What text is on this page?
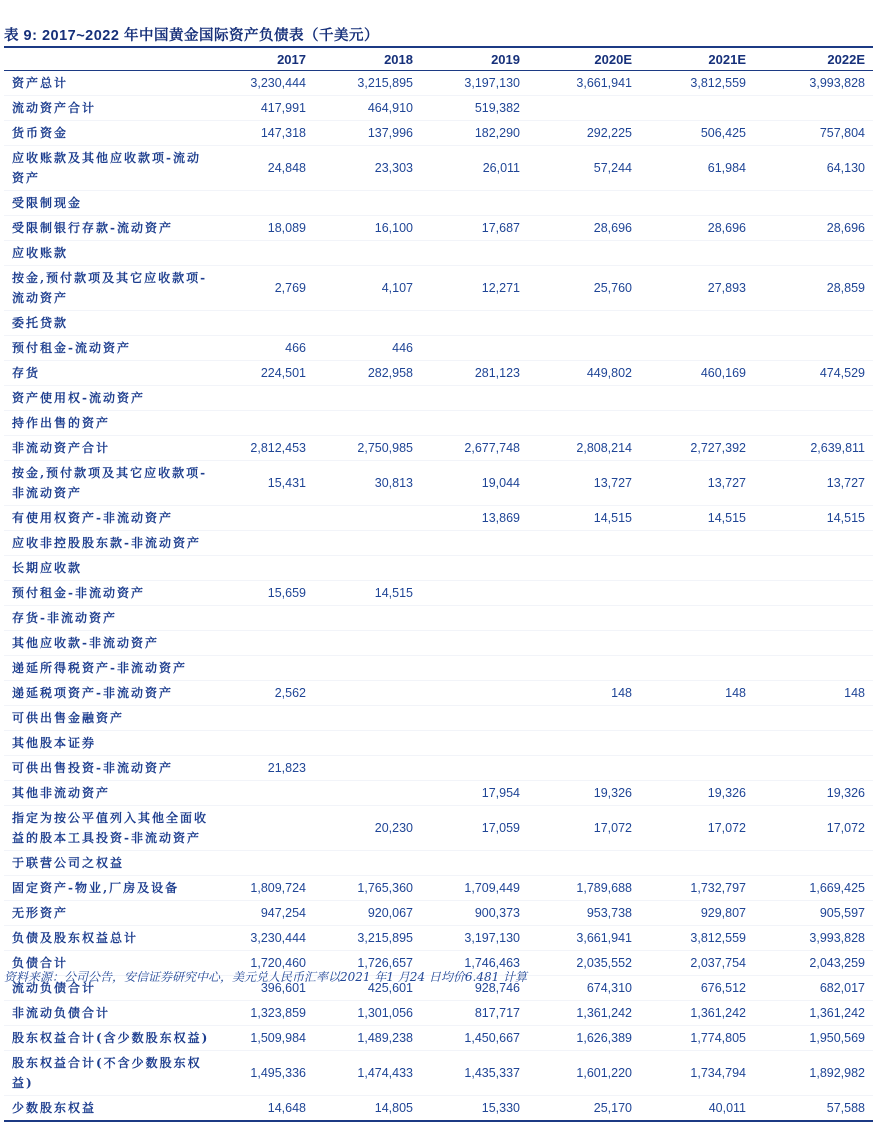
表 9: 2017~2022 年中国黄金国际资产负债表（千美元）
	2017	2018	2019	2020E	2021E	2022E
资产总计	3,230,444	3,215,895	3,197,130	3,661,941	3,812,559	3,993,828
流动资产合计	417,991	464,910	519,382			
货币资金	147,318	137,996	182,290	292,225	506,425	757,804
应收账款及其他应收款项-流动资产	24,848	23,303	26,011	57,244	61,984	64,130
受限制现金						
受限制银行存款-流动资产	18,089	16,100	17,687	28,696	28,696	28,696
应收账款						
按金,预付款项及其它应收款项-流动资产	2,769	4,107	12,271	25,760	27,893	28,859
委托贷款						
预付租金-流动资产	466	446				
存货	224,501	282,958	281,123	449,802	460,169	474,529
资产使用权-流动资产						
持作出售的资产						
非流动资产合计	2,812,453	2,750,985	2,677,748	2,808,214	2,727,392	2,639,811
按金,预付款项及其它应收款项-非流动资产	15,431	30,813	19,044	13,727	13,727	13,727
有使用权资产-非流动资产			13,869	14,515	14,515	14,515
应收非控股股东款-非流动资产						
长期应收款						
预付租金-非流动资产	15,659	14,515				
存货-非流动资产						
其他应收款-非流动资产						
递延所得税资产-非流动资产						
递延税项资产-非流动资产	2,562			148	148	148
可供出售金融资产						
其他股本证券						
可供出售投资-非流动资产	21,823					
其他非流动资产			17,954	19,326	19,326	19,326
指定为按公平值列入其他全面收益的股本工具投资-非流动资产		20,230	17,059	17,072	17,072	17,072
于联营公司之权益						
固定资产-物业,厂房及设备	1,809,724	1,765,360	1,709,449	1,789,688	1,732,797	1,669,425
无形资产	947,254	920,067	900,373	953,738	929,807	905,597
负债及股东权益总计	3,230,444	3,215,895	3,197,130	3,661,941	3,812,559	3,993,828
负债合计	1,720,460	1,726,657	1,746,463	2,035,552	2,037,754	2,043,259
流动负债合计	396,601	425,601	928,746	674,310	676,512	682,017
非流动负债合计	1,323,859	1,301,056	817,717	1,361,242	1,361,242	1,361,242
股东权益合计(含少数股东权益)	1,509,984	1,489,238	1,450,667	1,626,389	1,774,805	1,950,569
股东权益合计(不含少数股东权益)	1,495,336	1,474,433	1,435,337	1,601,220	1,734,794	1,892,982
少数股东权益	14,648	14,805	15,330	25,170	40,011	57,588
资料来源：公司公告，安信证券研究中心，美元兑人民币汇率以2021 年1 月24 日均价6.481 计算
